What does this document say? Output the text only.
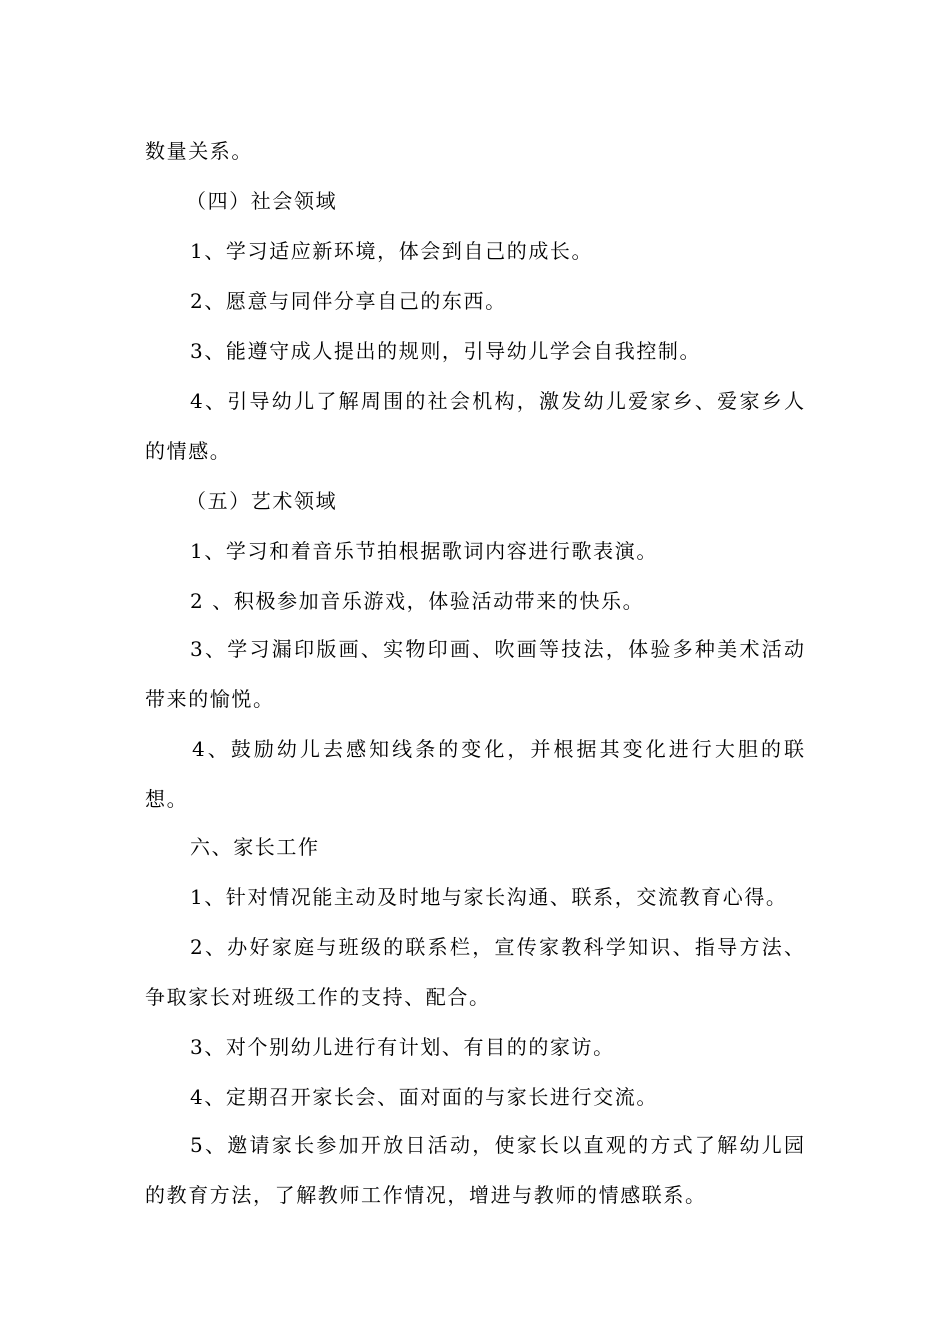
数量关系。
（四）社会领域
1、学习适应新环境，体会到自己的成长。
2、愿意与同伴分享自己的东西。
3、能遵守成人提出的规则，引导幼儿学会自我控制。
4、引导幼儿了解周围的社会机构，激发幼儿爱家乡、爱家乡人
的情感。
（五）艺术领域
1、学习和着音乐节拍根据歌词内容进行歌表演。
2 、积极参加音乐游戏，体验活动带来的快乐。
3、学习漏印版画、实物印画、吹画等技法，体验多种美术活动
带来的愉悦。
4、鼓励幼儿去感知线条的变化，并根据其变化进行大胆的联
想。
六、家长工作
1、针对情况能主动及时地与家长沟通、联系，交流教育心得。
2、办好家庭与班级的联系栏，宣传家教科学知识、指导方法、
争取家长对班级工作的支持、配合。
3、对个别幼儿进行有计划、有目的的家访。
4、定期召开家长会、面对面的与家长进行交流。
5、邀请家长参加开放日活动，使家长以直观的方式了解幼儿园
的教育方法，了解教师工作情况，增进与教师的情感联系。
